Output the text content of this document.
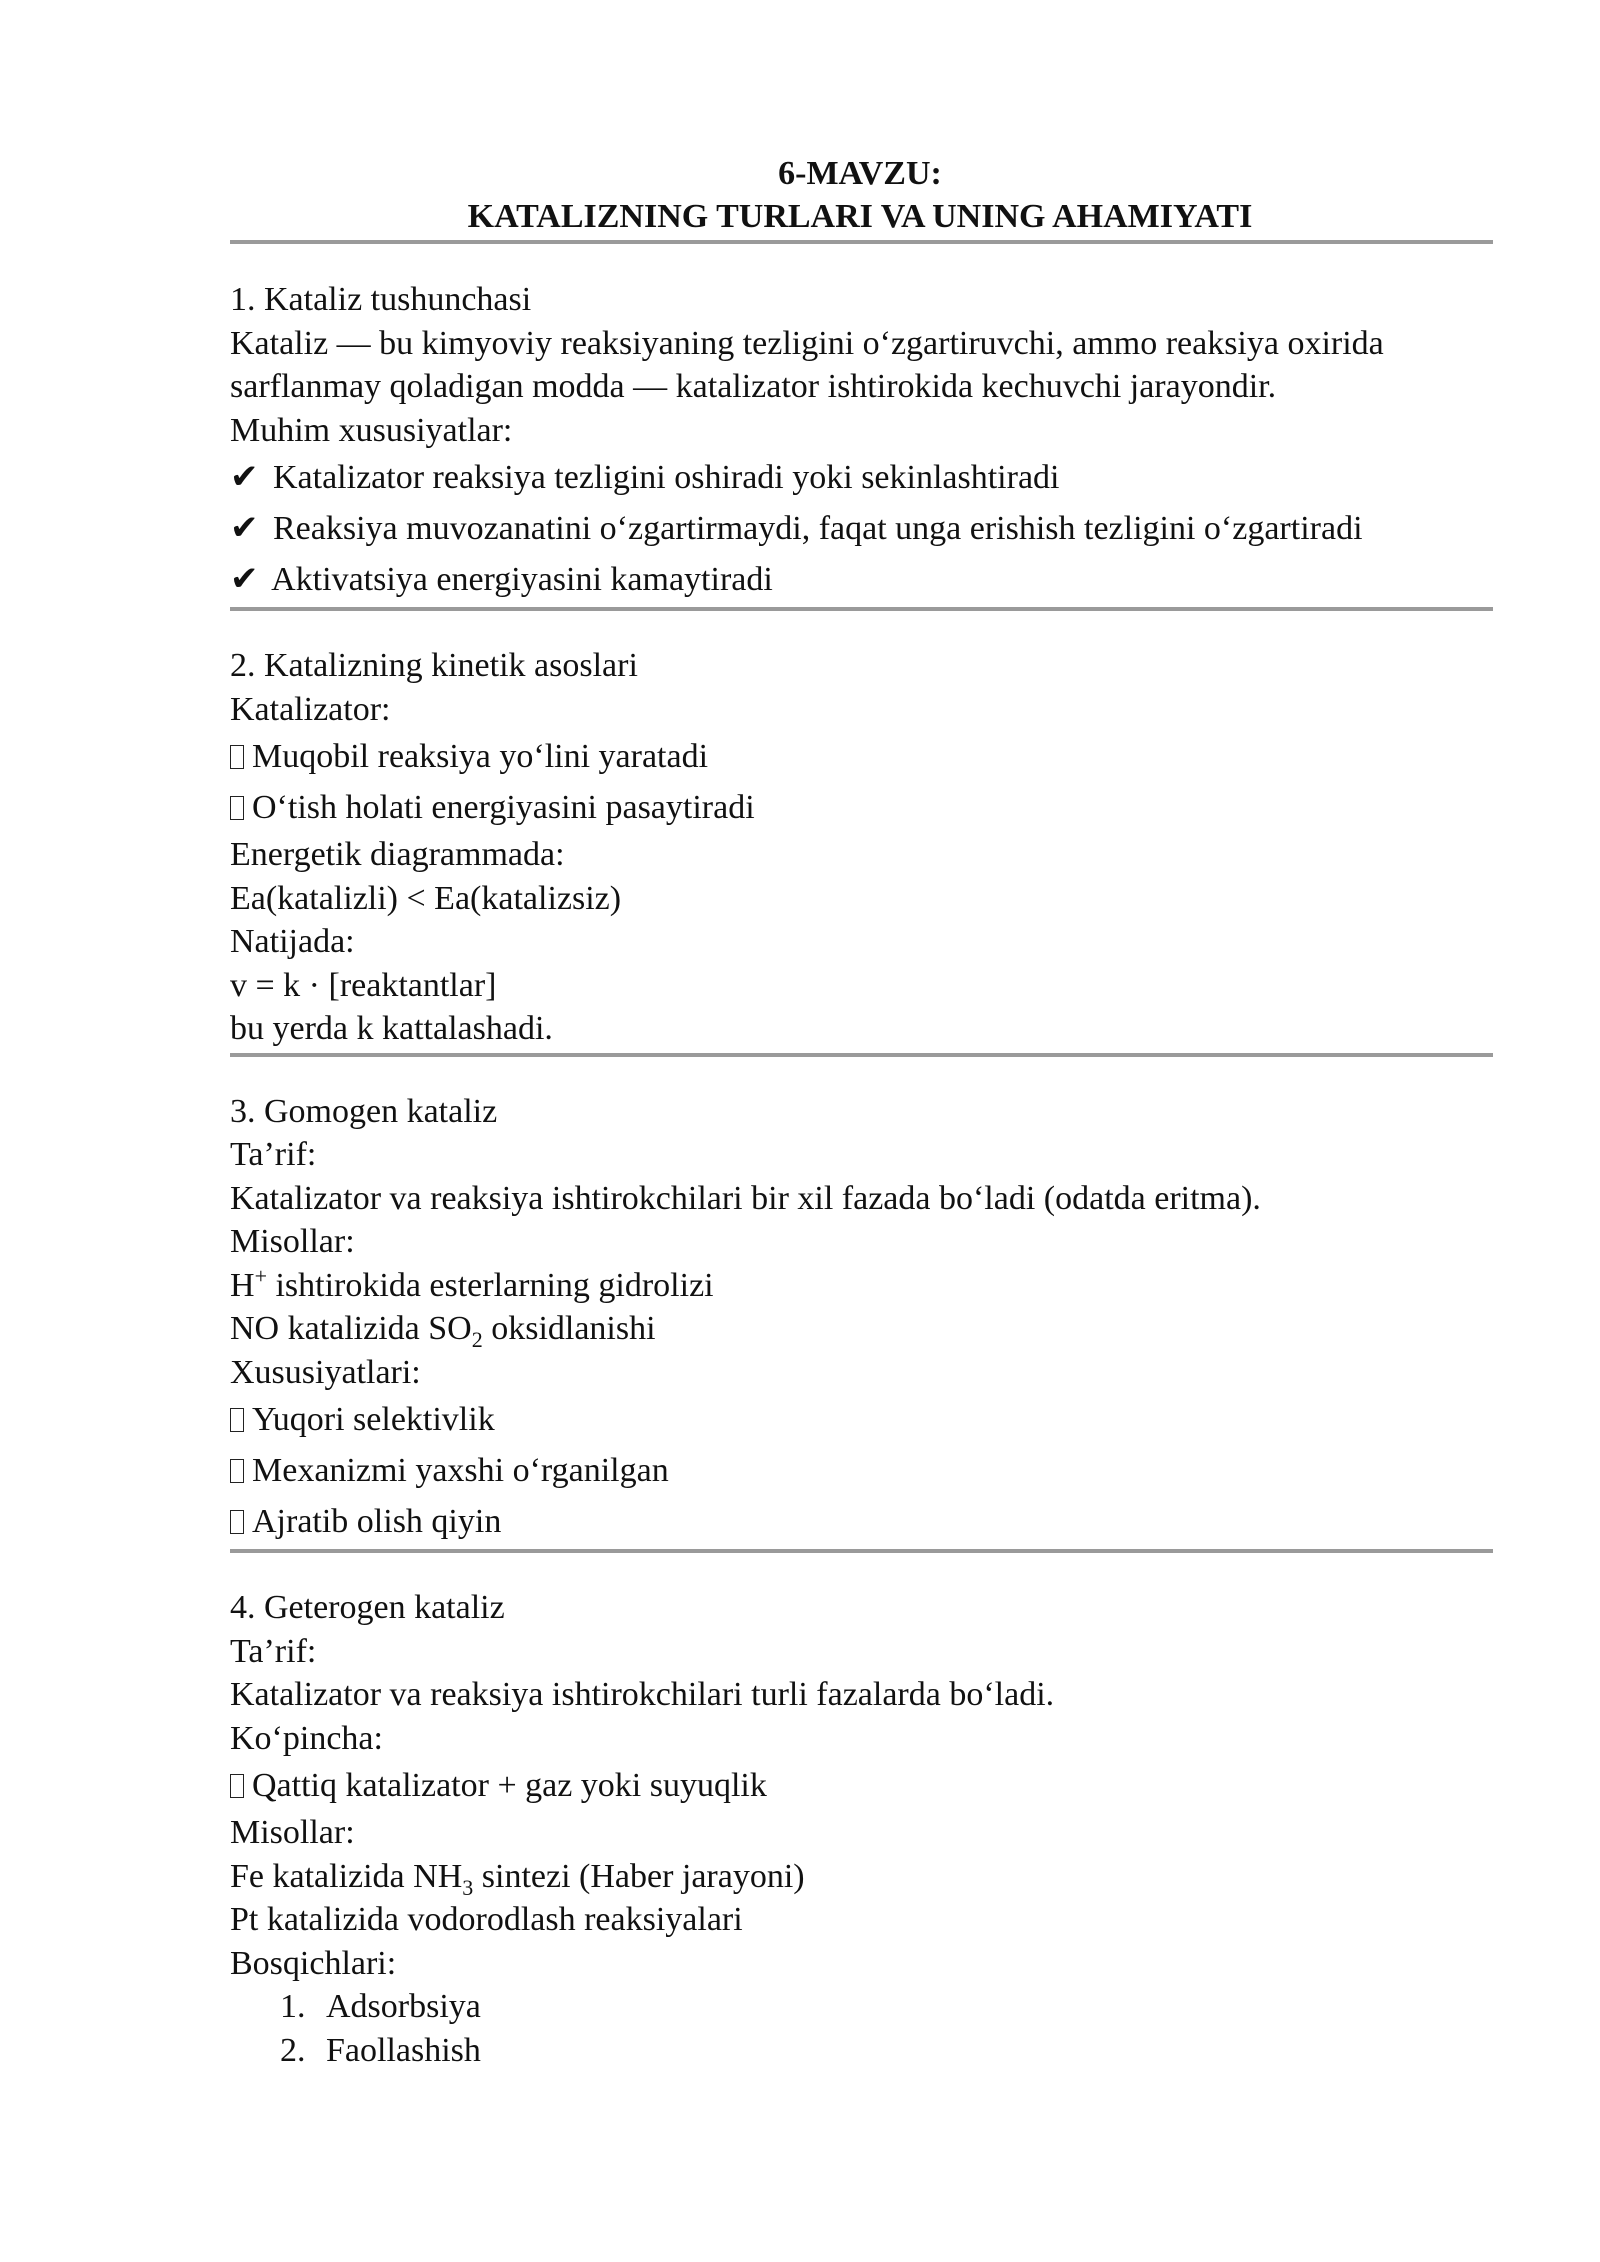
6-MAVZU:

KATALIZNING TURLARI VA UNING AHAMIYATI

1. Kataliz tushunchasi

Kataliz — bu kimyoviy reaksiyaning tezligini o‘zgartiruvchi, ammo reaksiya oxirida sarflanmay qoladigan modda — katalizator ishtirokida kechuvchi jarayondir.

Muhim xususiyatlar:

✔ Katalizator reaksiya tezligini oshiradi yoki sekinlashtiradi

✔ Reaksiya muvozanatini o‘zgartirmaydi, faqat unga erishish tezligini o‘zgartiradi

✔ Aktivatsiya energiyasini kamaytiradi

2. Katalizning kinetik asoslari

Katalizator:

Muqobil reaksiya yo‘lini yaratadi

O‘tish holati energiyasini pasaytiradi

Energetik diagrammada:

Ea(katalizli) < Ea(katalizsiz)

Natijada:

v = k · [reaktantlar]

bu yerda k kattalashadi.

3. Gomogen kataliz

Ta’rif:

Katalizator va reaksiya ishtirokchilari bir xil fazada bo‘ladi (odatda eritma).

Misollar:

H+ ishtirokida esterlarning gidrolizi

NO katalizida $SO_2$ oksidlanishi

Xususiyatlari:

Yuqori selektivlik

Mexanizmi yaxshi o‘rganilgan

Ajratib olish qiyin

4. Geterogen kataliz

Ta’rif:

Katalizator va reaksiya ishtirokchilari turli fazalarda bo‘ladi.

Ko‘pincha:

Qattiq katalizator + gaz yoki suyuqlik

Misollar:

Fe katalizida $NH_3$ sintezi (Haber jarayoni)

Pt katalizida vodorodlash reaksiyalari

Bosqichlari:

1. Adsorbsiya
2. Faollashish
